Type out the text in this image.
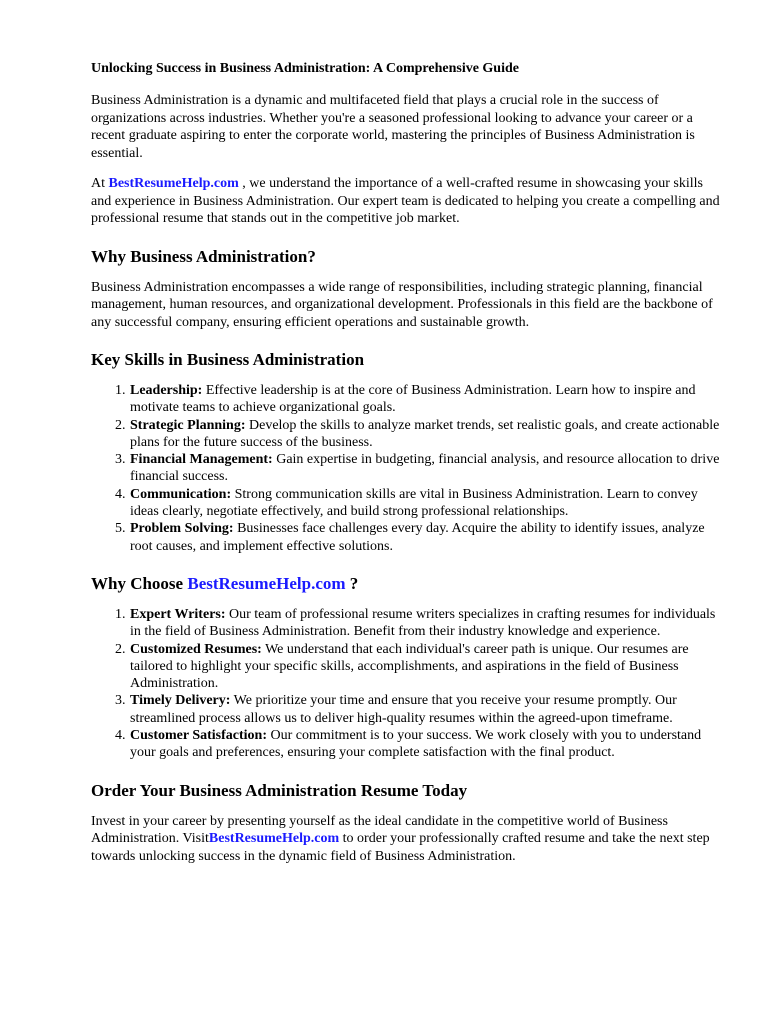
Unlocking Success in Business Administration: A Comprehensive Guide

Business Administration is a dynamic and multifaceted field that plays a crucial role in the success of organizations across industries. Whether you're a seasoned professional looking to advance your career or a recent graduate aspiring to enter the corporate world, mastering the principles of Business Administration is essential.

At BestResumeHelp.com , we understand the importance of a well-crafted resume in showcasing your skills and experience in Business Administration. Our expert team is dedicated to helping you create a compelling and professional resume that stands out in the competitive job market.

Why Business Administration?

Business Administration encompasses a wide range of responsibilities, including strategic planning, financial management, human resources, and organizational development. Professionals in this field are the backbone of any successful company, ensuring efficient operations and sustainable growth.

Key Skills in Business Administration
1. Leadership: Effective leadership is at the core of Business Administration. Learn how to inspire and motivate teams to achieve organizational goals.
2. Strategic Planning: Develop the skills to analyze market trends, set realistic goals, and create actionable plans for the future success of the business.
3. Financial Management: Gain expertise in budgeting, financial analysis, and resource allocation to drive financial success.
4. Communication: Strong communication skills are vital in Business Administration. Learn to convey ideas clearly, negotiate effectively, and build strong professional relationships.
5. Problem Solving: Businesses face challenges every day. Acquire the ability to identify issues, analyze root causes, and implement effective solutions.
Why Choose BestResumeHelp.com ?
1. Expert Writers: Our team of professional resume writers specializes in crafting resumes for individuals in the field of Business Administration. Benefit from their industry knowledge and experience.
2. Customized Resumes: We understand that each individual's career path is unique. Our resumes are tailored to highlight your specific skills, accomplishments, and aspirations in the field of Business Administration.
3. Timely Delivery: We prioritize your time and ensure that you receive your resume promptly. Our streamlined process allows us to deliver high-quality resumes within the agreed-upon timeframe.
4. Customer Satisfaction: Our commitment is to your success. We work closely with you to understand your goals and preferences, ensuring your complete satisfaction with the final product.
Order Your Business Administration Resume Today

Invest in your career by presenting yourself as the ideal candidate in the competitive world of Business Administration. VisitBestResumeHelp.com to order your professionally crafted resume and take the next step towards unlocking success in the dynamic field of Business Administration.
